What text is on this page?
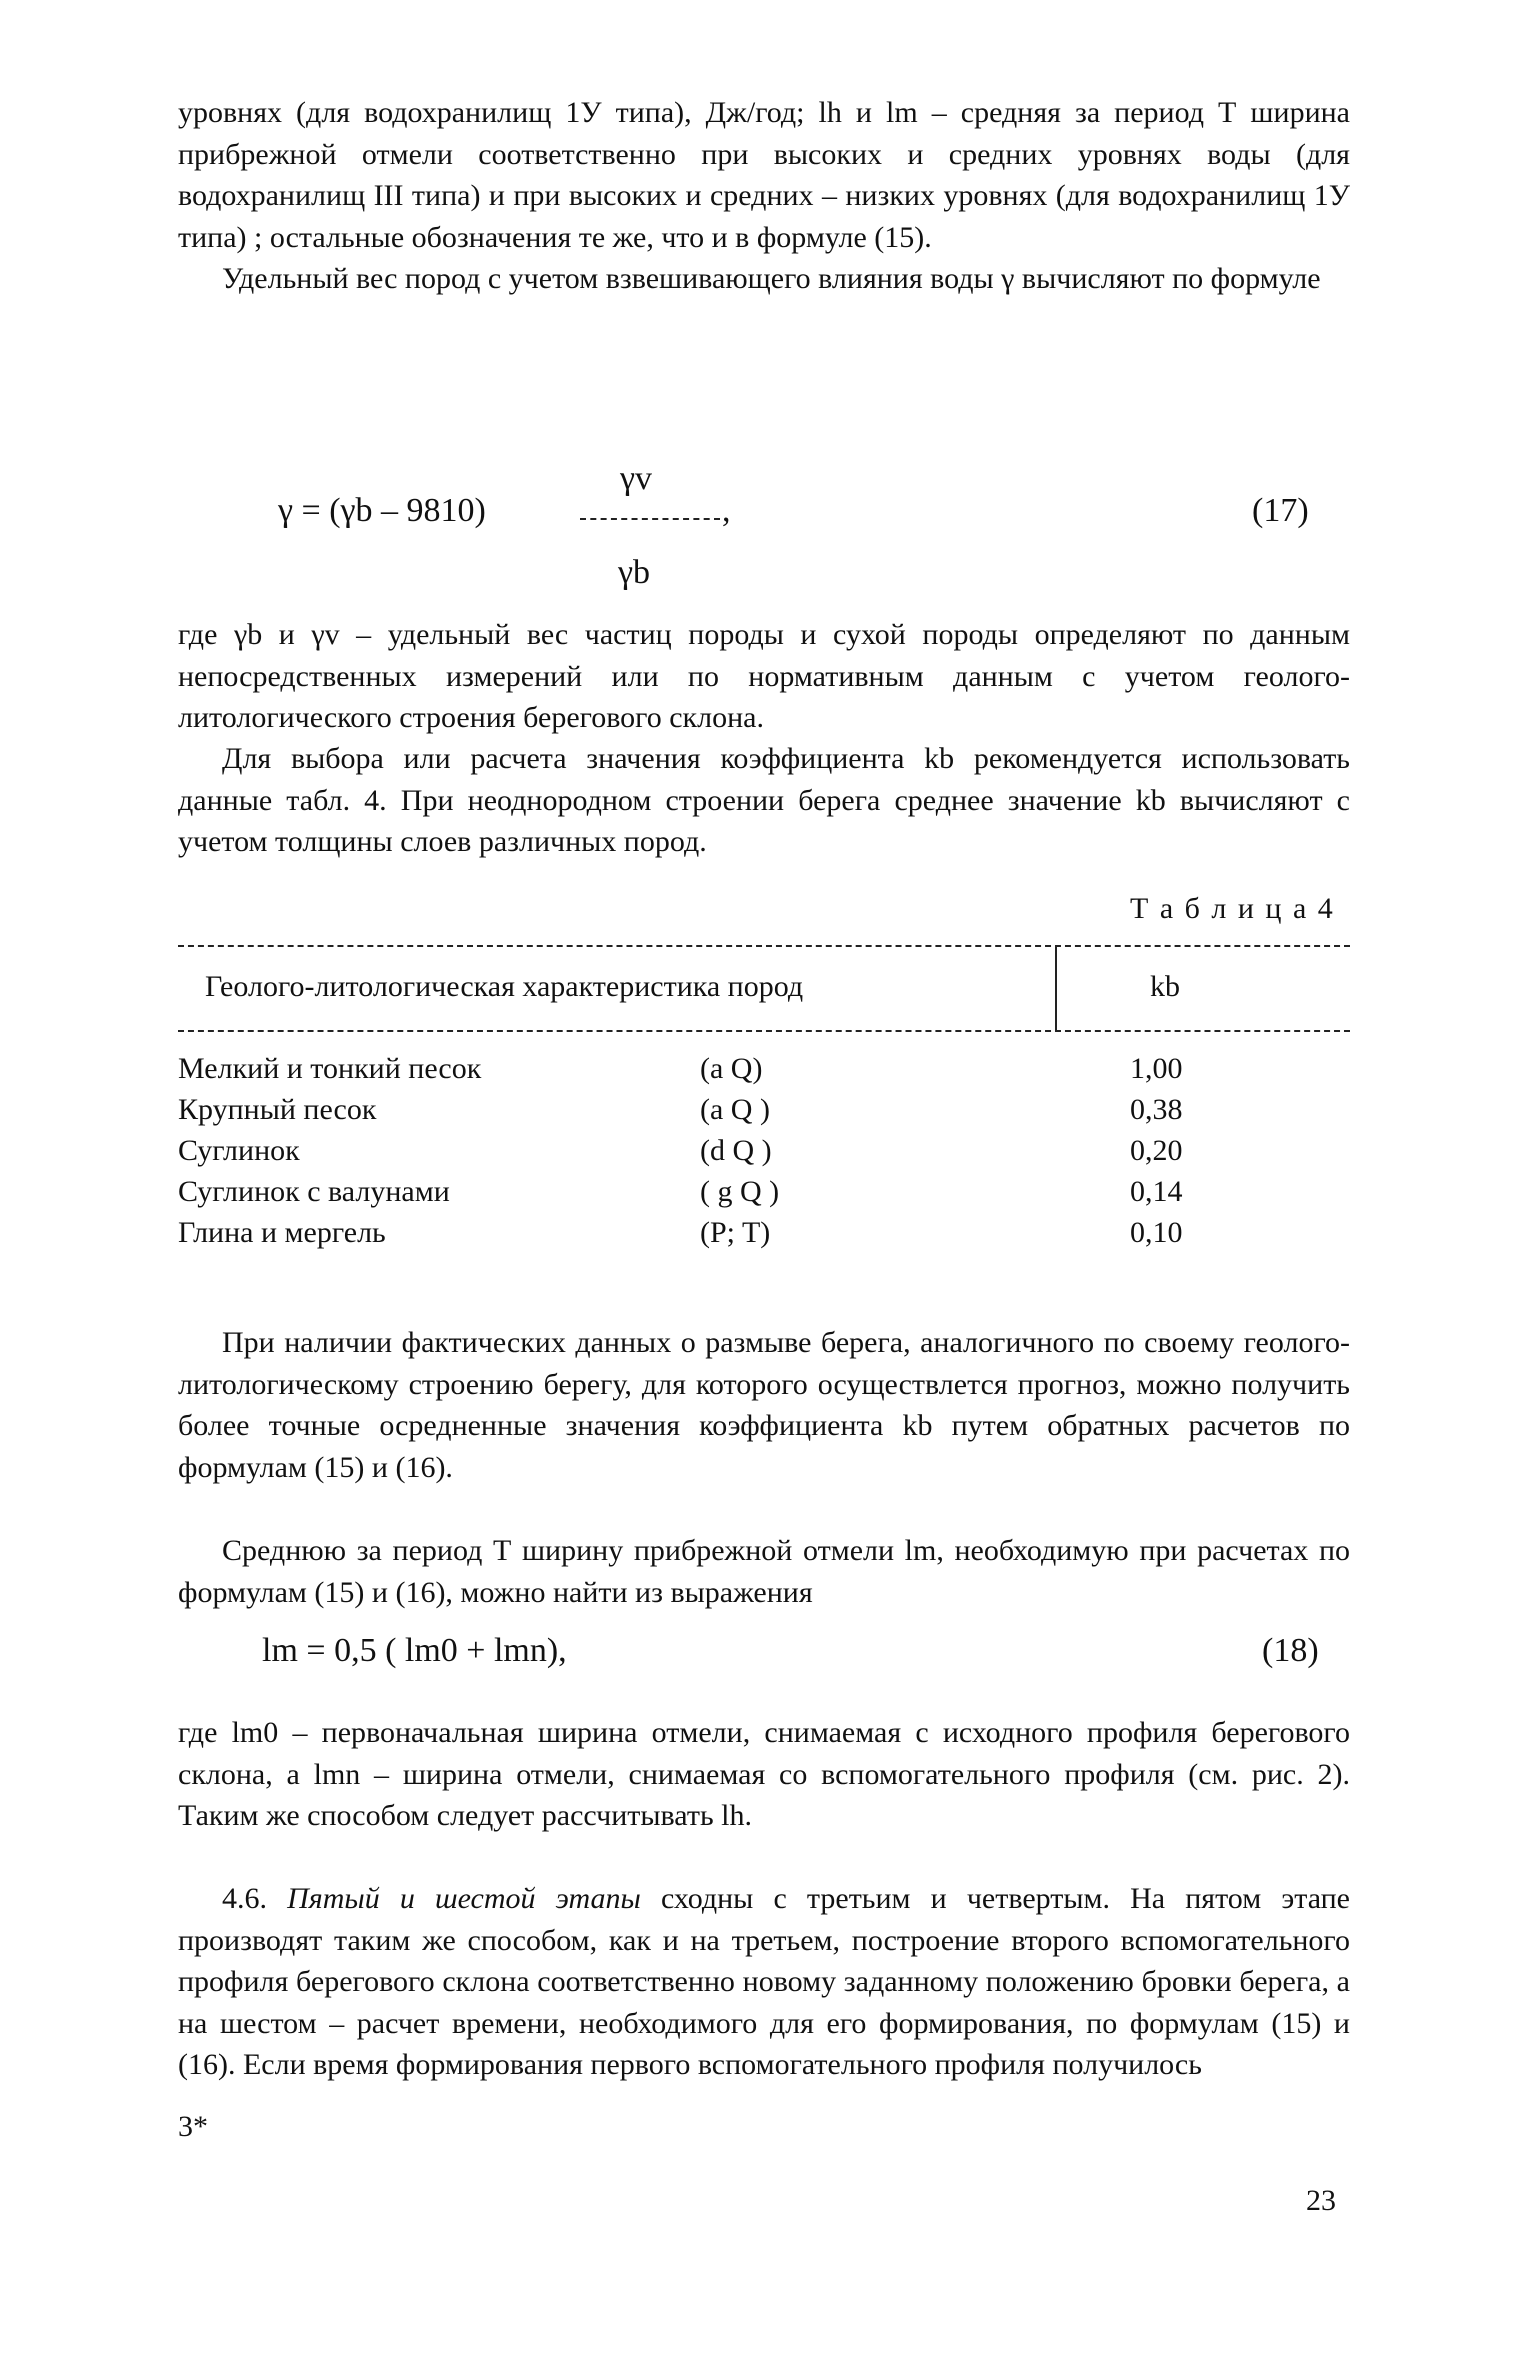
уровнях (для водохранилищ 1У типа), Дж/год; lh и lm – средняя за период Т ширина прибрежной отмели соответственно при высоких и средних уровнях воды (для водохранилищ III типа) и при высоких и средних – низких уровнях (для водохранилищ 1У типа) ; остальные обозначения те же, что и в формуле (15).

Удельный вес пород с учетом взвешивающего влияния воды γ вычисляют по формуле

γv
γ = (γb – 9810)	,
γb
(17)

где γb и γv – удельный вес частиц породы и сухой породы определяют по данным непосредственных измерений или по нормативным данным с учетом геолого-литологического строения берегового склона.

Для выбора или расчета значения коэффициента kb рекомендуется использовать данные табл. 4. При неоднородном строении берега среднее значение kb вычисляют с учетом толщины слоев различных пород.

Т а б л и ц а 4
Геолого-литологическая характеристика пород	kb
Мелкий и тонкий песок	(a Q)	1,00
Крупный песок	(a Q )	0,38
Суглинок	(d Q )	0,20
Суглинок с валунами	( g Q )	0,14
Глина и мергель	(P; T)	0,10

При наличии фактических данных о размыве берега, аналогичного по своему геолого-литологическому строению берегу, для которого осуществлется прогноз, можно получить более точные осредненные значения коэффициента kb путем обратных расчетов по формулам (15) и (16).

Среднюю за период Т ширину прибрежной отмели lm, необходимую при расчетах по формулам (15) и (16), можно найти из выражения

lm = 0,5 ( lm0 + lmn),	(18)

где lm0 – первоначальная ширина отмели, снимаемая с исходного профиля берегового склона, а lmn – ширина отмели, снимаемая со вспомогательного профиля (см. рис. 2). Таким же способом следует рассчитывать lh.

4.6. Пятый и шестой этапы сходны с третьим и четвертым. На пятом этапе производят таким же способом, как и на третьем, построение второго вспомогательного профиля берегового склона соответственно новому заданному положению бровки берега, а на шестом – расчет времени, необходимого для его формирования, по формулам (15) и (16). Если время формирования первого вспомогательного профиля получилось

3*
23
